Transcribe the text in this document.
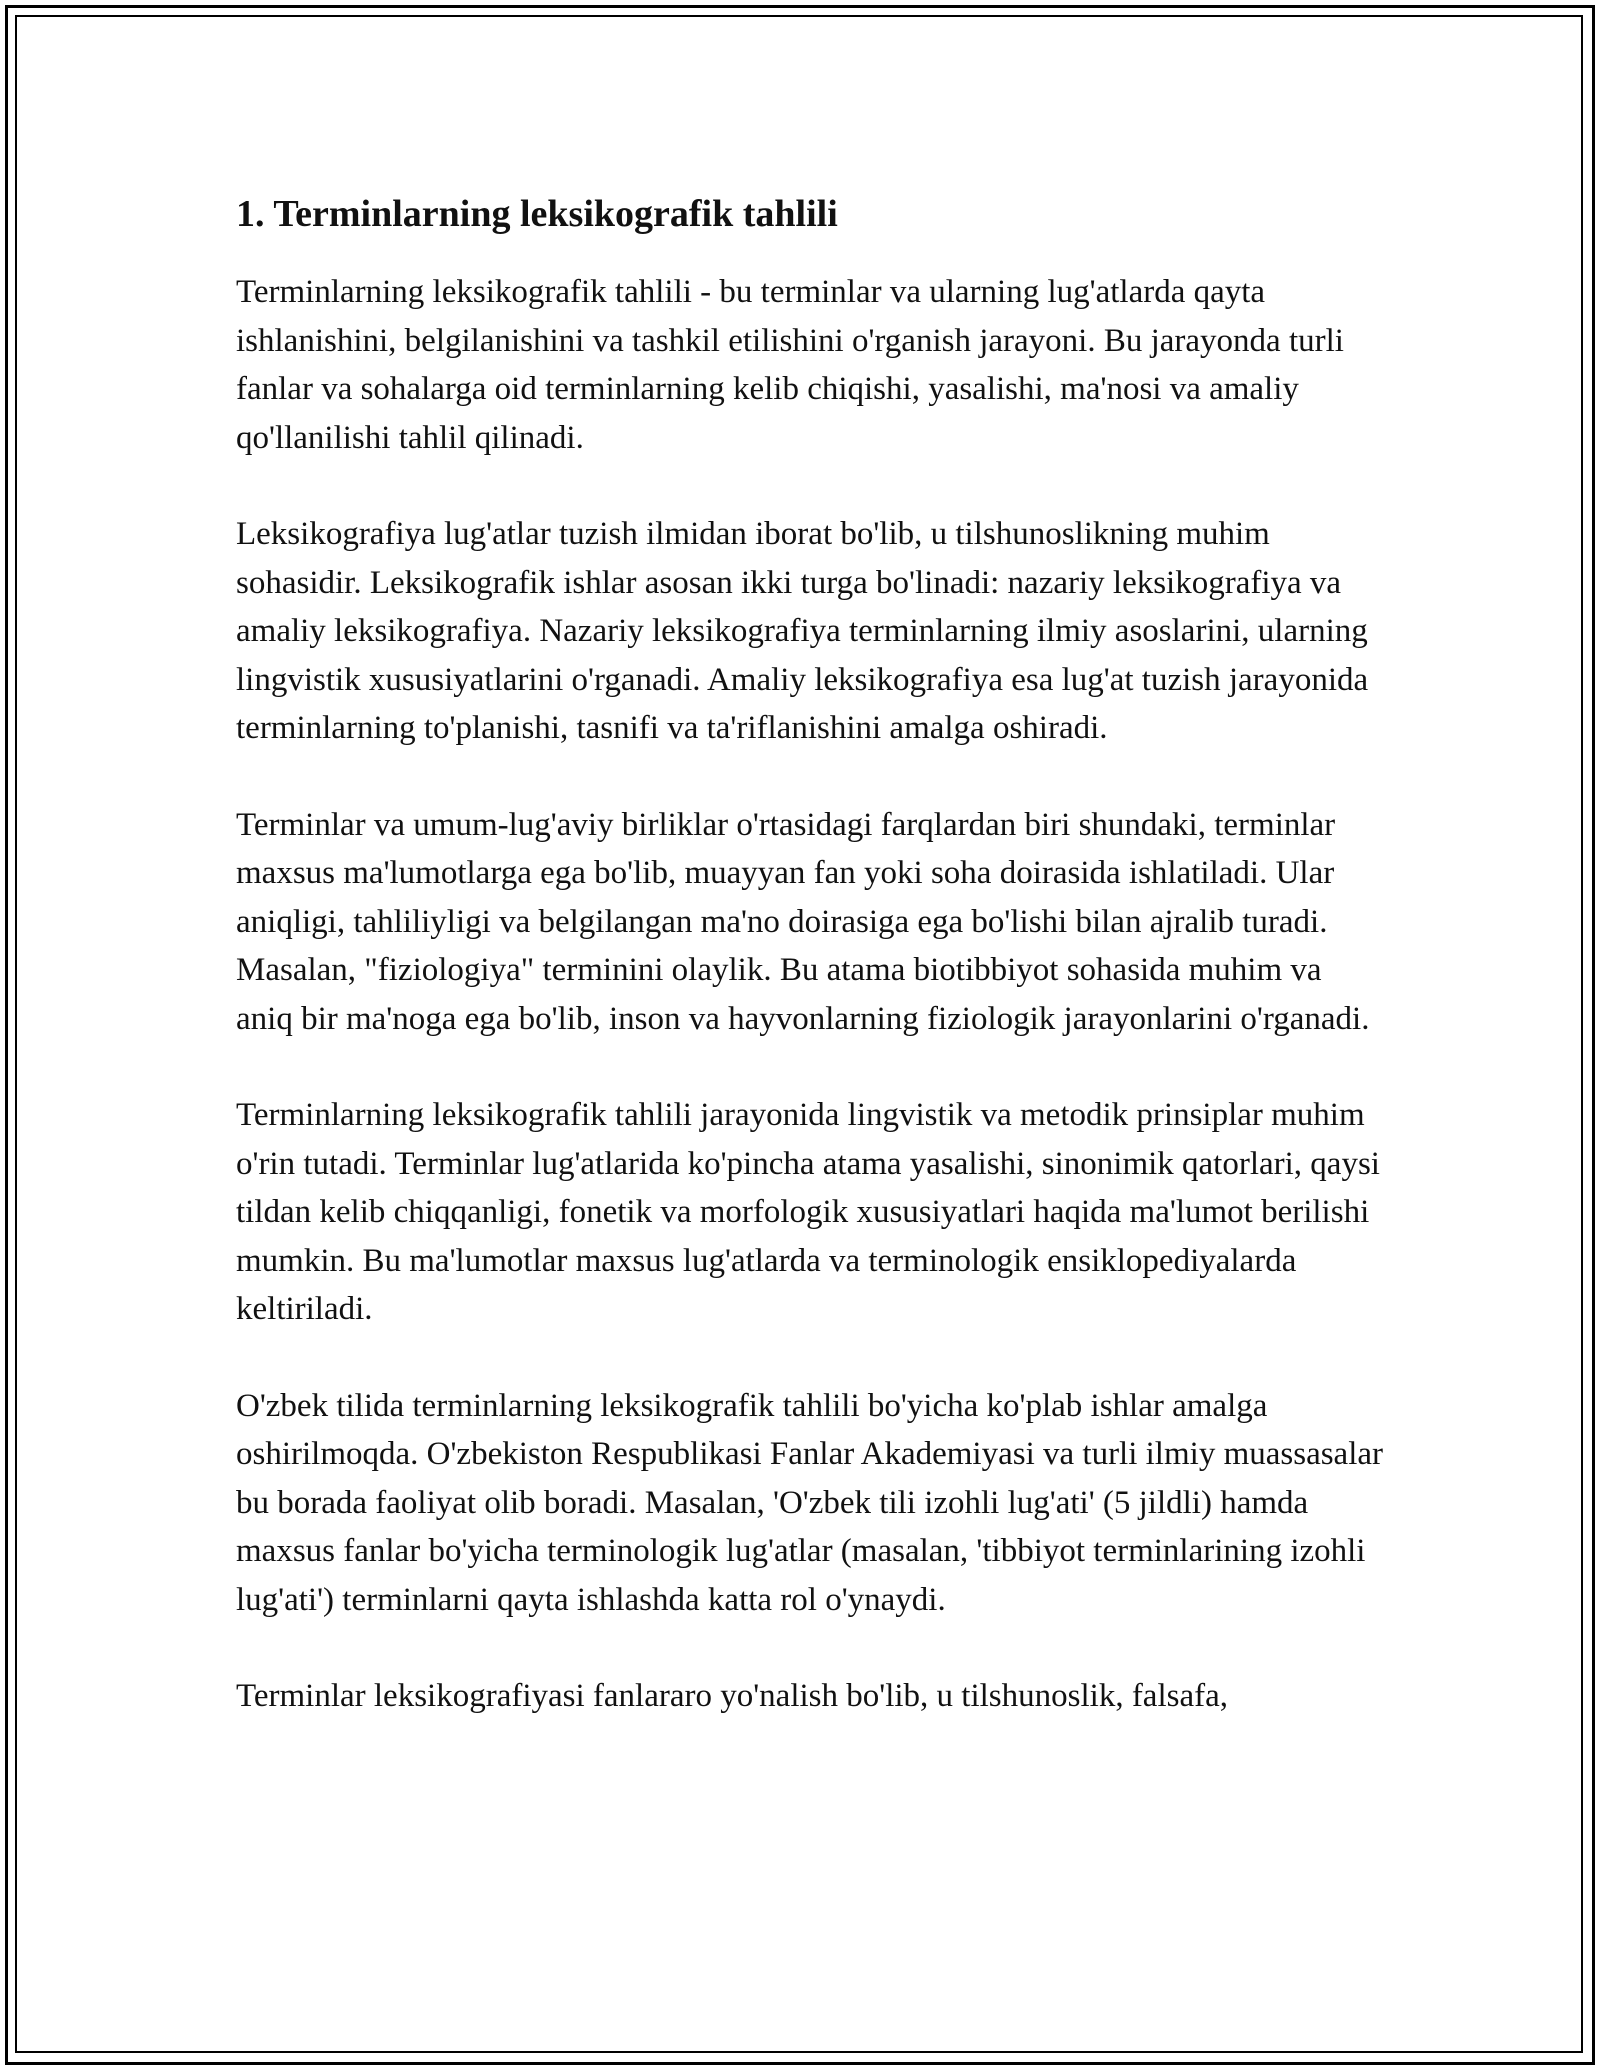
1. Terminlarning leksikografik tahlili

Terminlarning leksikografik tahlili - bu terminlar va ularning lug'atlarda qayta ishlanishini, belgilanishini va tashkil etilishini o'rganish jarayoni. Bu jarayonda turli fanlar va sohalarga oid terminlarning kelib chiqishi, yasalishi, ma'nosi va amaliy qo'llanilishi tahlil qilinadi.

Leksikografiya lug'atlar tuzish ilmidan iborat bo'lib, u tilshunoslikning muhim sohasidir. Leksikografik ishlar asosan ikki turga bo'linadi: nazariy leksikografiya va amaliy leksikografiya. Nazariy leksikografiya terminlarning ilmiy asoslarini, ularning lingvistik xususiyatlarini o'rganadi. Amaliy leksikografiya esa lug'at tuzish jarayonida terminlarning to'planishi, tasnifi va ta'riflanishini amalga oshiradi.

Terminlar va umum-lug'aviy birliklar o'rtasidagi farqlardan biri shundaki, terminlar maxsus ma'lumotlarga ega bo'lib, muayyan fan yoki soha doirasida ishlatiladi. Ular aniqligi, tahliliyligi va belgilangan ma'no doirasiga ega bo'lishi bilan ajralib turadi. Masalan, "fiziologiya" terminini olaylik. Bu atama biotibbiyot sohasida muhim va aniq bir ma'noga ega bo'lib, inson va hayvonlarning fiziologik jarayonlarini o'rganadi.

Terminlarning leksikografik tahlili jarayonida lingvistik va metodik prinsiplar muhim o'rin tutadi. Terminlar lug'atlarida ko'pincha atama yasalishi, sinonimik qatorlari, qaysi tildan kelib chiqqanligi, fonetik va morfologik xususiyatlari haqida ma'lumot berilishi mumkin. Bu ma'lumotlar maxsus lug'atlarda va terminologik ensiklopediyalarda keltiriladi.

O'zbek tilida terminlarning leksikografik tahlili bo'yicha ko'plab ishlar amalga oshirilmoqda. O'zbekiston Respublikasi Fanlar Akademiyasi va turli ilmiy muassasalar bu borada faoliyat olib boradi. Masalan, 'O'zbek tili izohli lug'ati' (5 jildli) hamda maxsus fanlar bo'yicha terminologik lug'atlar (masalan, 'tibbiyot terminlarining izohli lug'ati') terminlarni qayta ishlashda katta rol o'ynaydi.

Terminlar leksikografiyasi fanlararo yo'nalish bo'lib, u tilshunoslik, falsafa,
